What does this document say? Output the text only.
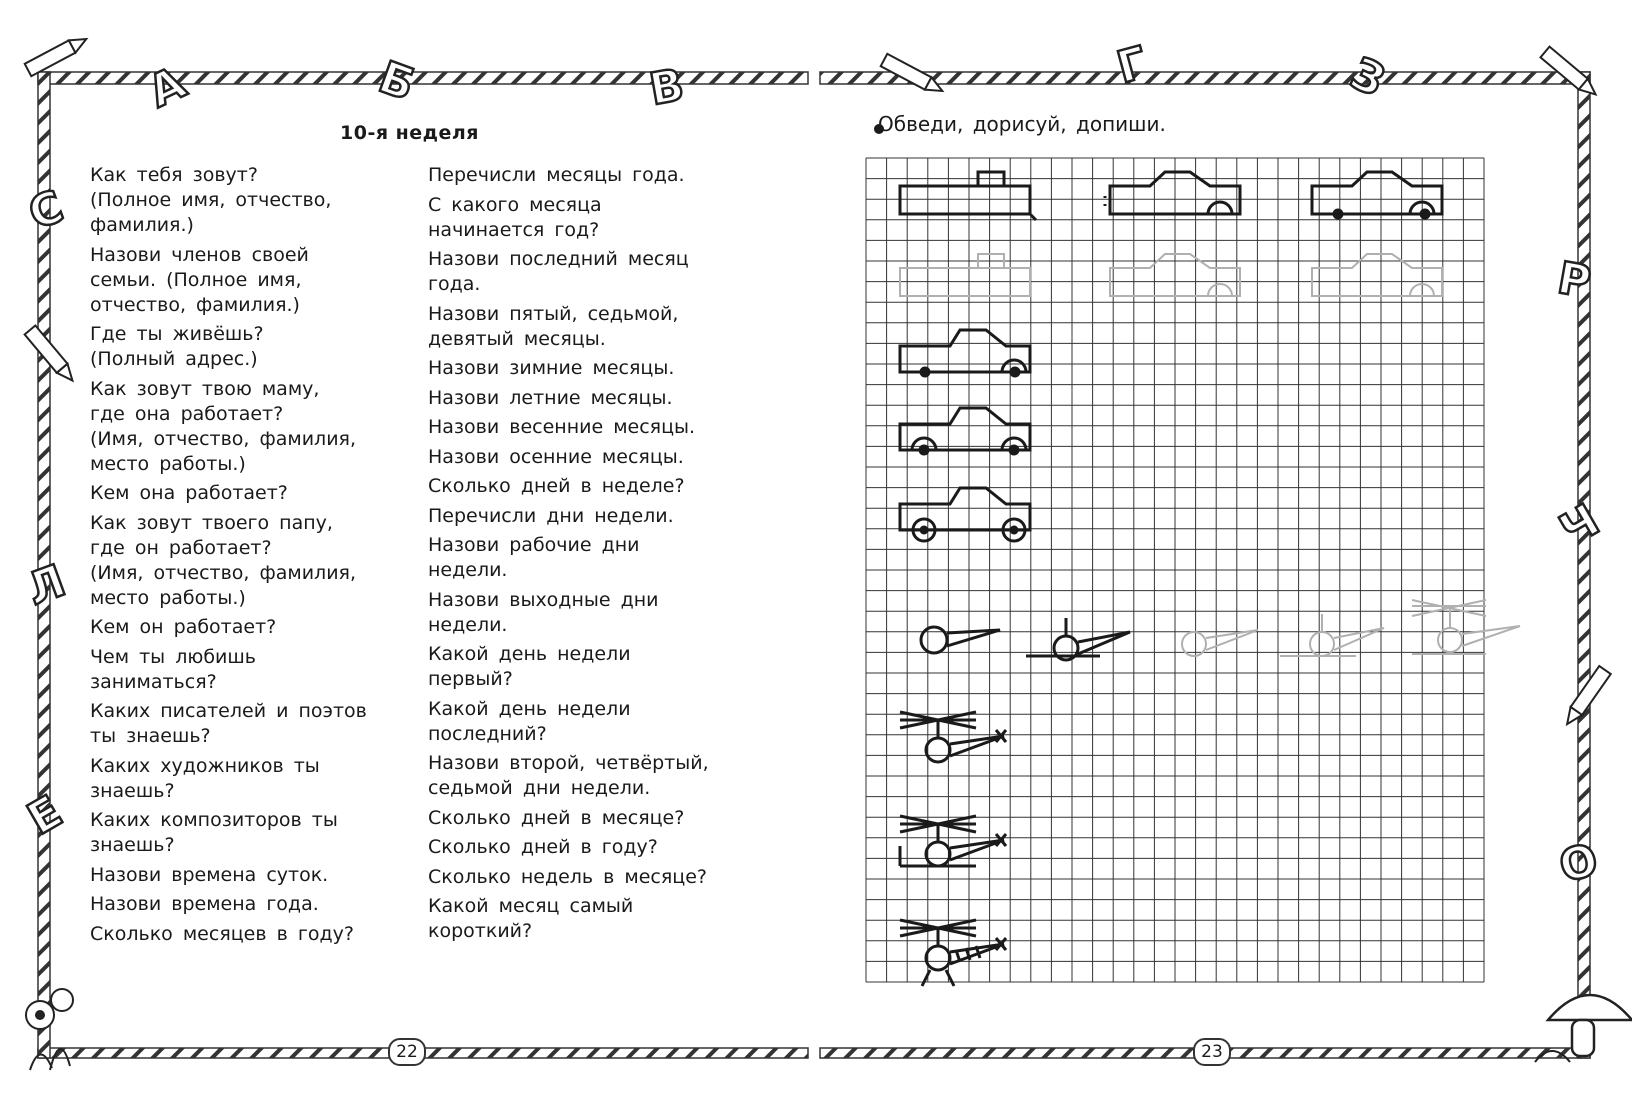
А	Б	В	Г	З
С
Л
Е
Р
Ч
О
10-я неделя
Как тебя зовут?
(Полное имя, отчество,
фамилия.)
Назови членов своей
семьи. (Полное имя,
отчество, фамилия.)
Где ты живёшь?
(Полный адрес.)
Как зовут твою маму,
где она работает?
(Имя, отчество, фамилия,
место работы.)
Кем она работает?
Как зовут твоего папу,
где он работает?
(Имя, отчество, фамилия,
место работы.)
Кем он работает?
Чем ты любишь
заниматься?
Каких писателей и поэтов
ты знаешь?
Каких художников ты
знаешь?
Каких композиторов ты
знаешь?
Назови времена суток.
Назови времена года.
Сколько месяцев в году?
Перечисли месяцы года.
С какого месяца
начинается год?
Назови последний месяц
года.
Назови пятый, седьмой,
девятый месяцы.
Назови зимние месяцы.
Назови летние месяцы.
Назови весенние месяцы.
Назови осенние месяцы.
Сколько дней в неделе?
Перечисли дни недели.
Назови рабочие дни
недели.
Назови выходные дни
недели.
Какой день недели
первый?
Какой день недели
последний?
Назови второй, четвёртый,
седьмой дни недели.
Сколько дней в месяце?
Сколько дней в году?
Сколько недель в месяце?
Какой месяц самый
короткий?
22
Обведи, дорисуй, допиши.
23
